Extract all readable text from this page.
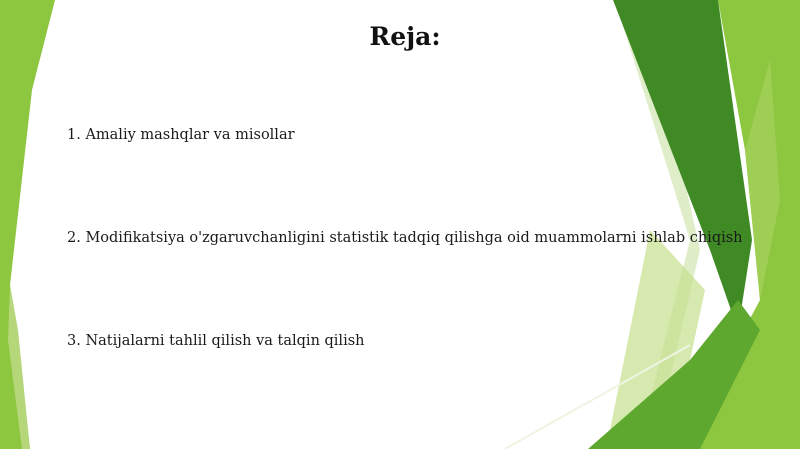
Reja:
1. Amaliy mashqlar va misollar
2. Modifikatsiya o'zgaruvchanligini statistik tadqiq qilishga oid muammolarni ishlab chiqish
3. Natijalarni tahlil qilish va talqin qilish
